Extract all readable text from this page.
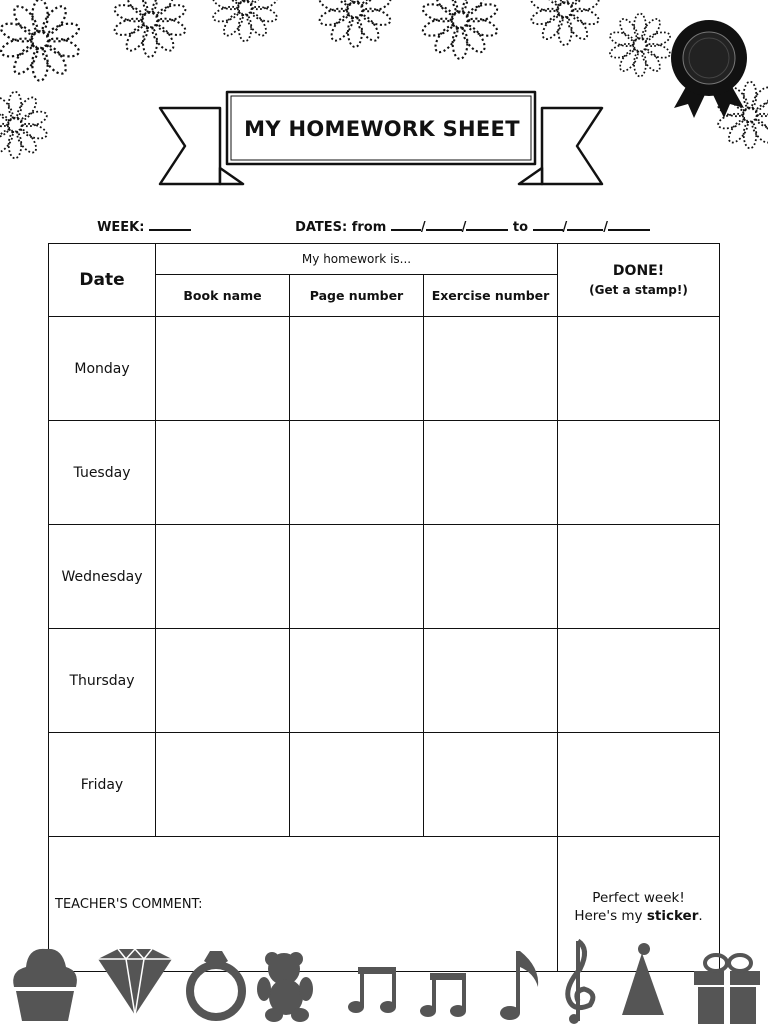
MY HOMEWORK SHEET

WEEK:	DATES: from	/	/	to	/	/

Date	My homework is...			DONE!
(Get a stamp!)

	Book name	Page number	Exercise number	
Monday				
Tuesday				
Wednesday				
Thursday				
Friday				
TEACHER'S COMMENT:				Perfect week!
Here's my sticker.
